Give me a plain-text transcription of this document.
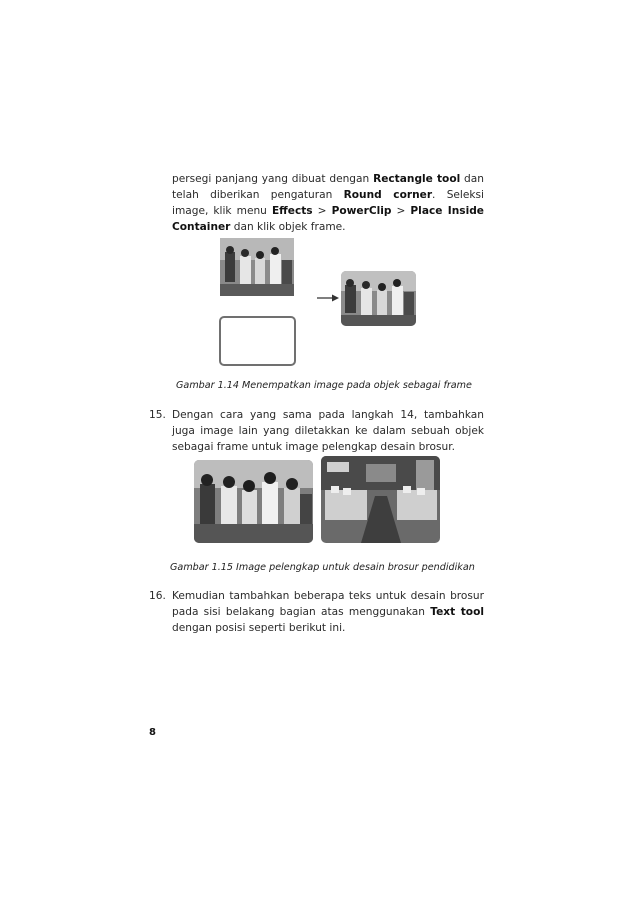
persegi panjang yang dibuat dengan Rectangle tool dan telah diberikan pengaturan Round corner. Seleksi image, klik menu Effects > PowerClip > Place Inside Container dan klik objek frame.
Gambar 1.14 Menempatkan image pada objek sebagai frame
15. Dengan cara yang sama pada langkah 14, tambahkan juga image lain yang diletakkan ke dalam sebuah objek sebagai frame untuk image pelengkap desain brosur.
Gambar 1.15 Image pelengkap untuk desain brosur pendidikan
16. Kemudian tambahkan beberapa teks untuk desain brosur pada sisi belakang bagian atas menggunakan Text tool dengan posisi seperti berikut ini.
8
